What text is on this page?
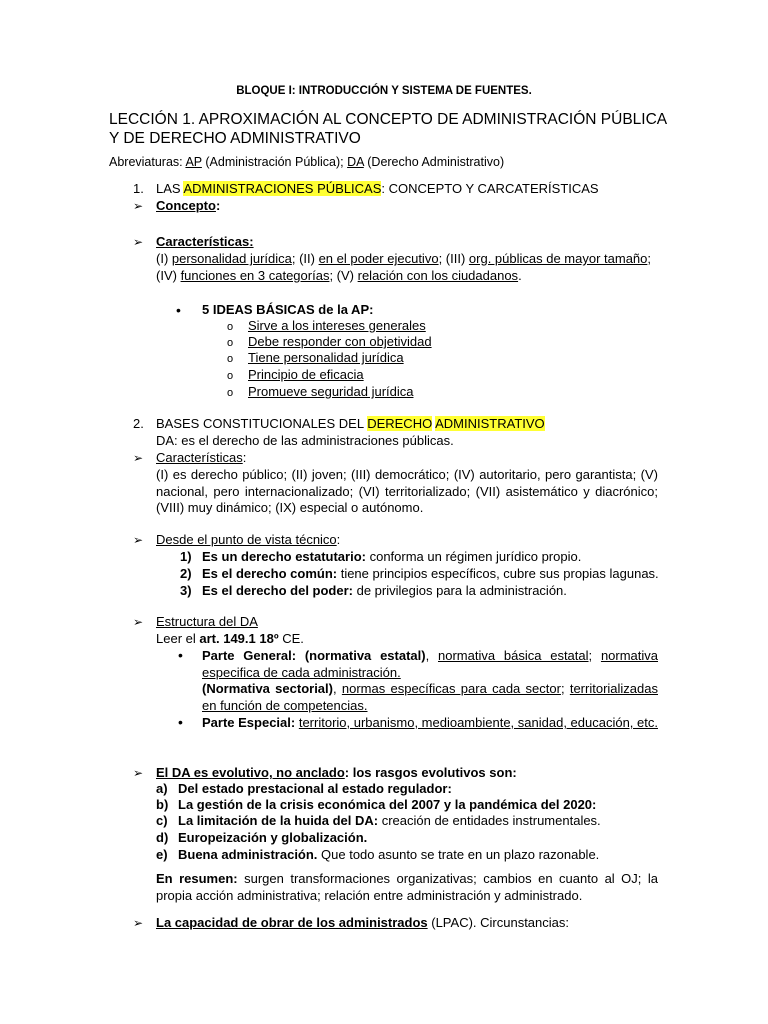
BLOQUE I: INTRODUCCIÓN Y SISTEMA DE FUENTES.
LECCIÓN 1. APROXIMACIÓN AL CONCEPTO DE ADMINISTRACIÓN PÚBLICA Y DE DERECHO ADMINISTRATIVO
Abreviaturas: AP (Administración Pública); DA (Derecho Administrativo)
1. LAS ADMINISTRACIONES PÚBLICAS: CONCEPTO Y CARCATERÍSTICAS
➢ Concepto:
➢ Características:
(I) personalidad jurídica; (II) en el poder ejecutivo; (III) org. públicas de mayor tamaño;
(IV) funciones en 3 categorías; (V) relación con los ciudadanos.
• 5 IDEAS BÁSICAS de la AP:
o Sirve a los intereses generales
o Debe responder con objetividad
o Tiene personalidad jurídica
o Principio de eficacia
o Promueve seguridad jurídica
2. BASES CONSTITUCIONALES DEL DERECHO ADMINISTRATIVO
DA: es el derecho de las administraciones públicas.
➢ Características:
(I) es derecho público; (II) joven; (III) democrático; (IV) autoritario, pero garantista; (V) nacional, pero internacionalizado; (VI) territorializado; (VII) asistemático y diacrónico; (VIII) muy dinámico; (IX) especial o autónomo.
➢ Desde el punto de vista técnico:
1) Es un derecho estatutario: conforma un régimen jurídico propio.
2) Es el derecho común: tiene principios específicos, cubre sus propias lagunas.
3) Es el derecho del poder: de privilegios para la administración.
➢ Estructura del DA
Leer el art. 149.1 18º CE.
• Parte General: (normativa estatal), normativa básica estatal; normativa especifica de cada administración.
(Normativa sectorial), normas específicas para cada sector; territorializadas en función de competencias.
• Parte Especial: territorio, urbanismo, medioambiente, sanidad, educación, etc.
➢ El DA es evolutivo, no anclado: los rasgos evolutivos son:
a) Del estado prestacional al estado regulador:
b) La gestión de la crisis económica del 2007 y la pandémica del 2020:
c) La limitación de la huida del DA: creación de entidades instrumentales.
d) Europeización y globalización.
e) Buena administración. Que todo asunto se trate en un plazo razonable.
En resumen: surgen transformaciones organizativas; cambios en cuanto al OJ; la propia acción administrativa; relación entre administración y administrado.
➢ La capacidad de obrar de los administrados (LPAC). Circunstancias:
